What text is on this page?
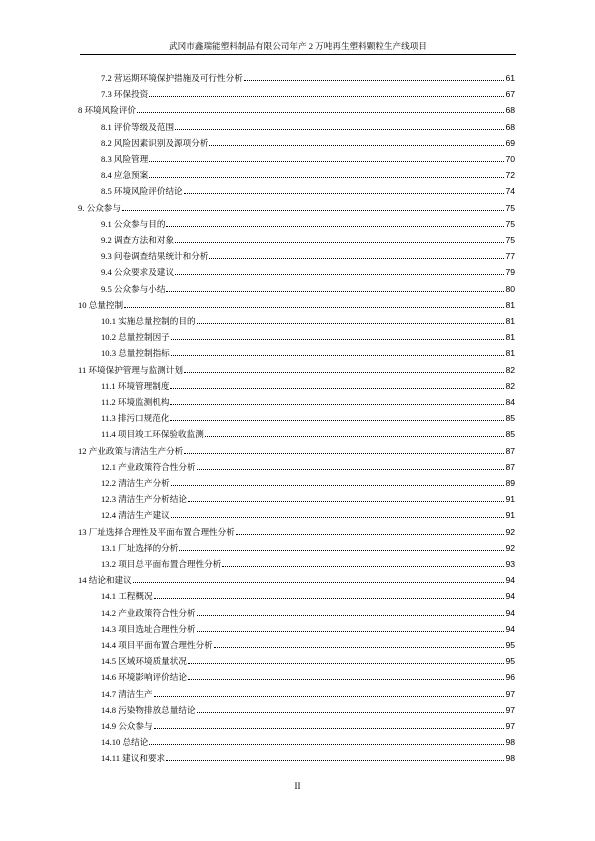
武冈市鑫瑞能塑料制品有限公司年产 2 万吨再生塑料颗粒生产线项目
7.2 营运期环境保护措施及可行性分析	61
7.3 环保投资	67
8 环境风险评价	68
8.1 评价等级及范围	68
8.2 风险因素识别及源项分析	69
8.3 风险管理	70
8.4 应急预案	72
8.5 环境风险评价结论	74
9. 公众参与	75
9.1 公众参与目的	75
9.2 调查方法和对象	75
9.3 问卷调查结果统计和分析	77
9.4 公众要求及建议	79
9.5 公众参与小结	80
10 总量控制	81
10.1 实施总量控制的目的	81
10.2 总量控制因子	81
10.3 总量控制指标	81
11 环境保护管理与监测计划	82
11.1 环境管理制度	82
11.2 环境监测机构	84
11.3 排污口规范化	85
11.4 项目竣工环保验收监测	85
12 产业政策与清洁生产分析	87
12.1 产业政策符合性分析	87
12.2 清洁生产分析	89
12.3 清洁生产分析结论	91
12.4 清洁生产建议	91
13 厂址选择合理性及平面布置合理性分析	92
13.1 厂址选择的分析	92
13.2 项目总平面布置合理性分析	93
14 结论和建议	94
14.1 工程概况	94
14.2 产业政策符合性分析	94
14.3 项目选址合理性分析	94
14.4 项目平面布置合理性分析	95
14.5 区域环境质量状况	95
14.6 环境影响评价结论	96
14.7 清洁生产	97
14.8 污染物排放总量结论	97
14.9 公众参与	97
14.10 总结论	98
14.11 建议和要求	98
II
